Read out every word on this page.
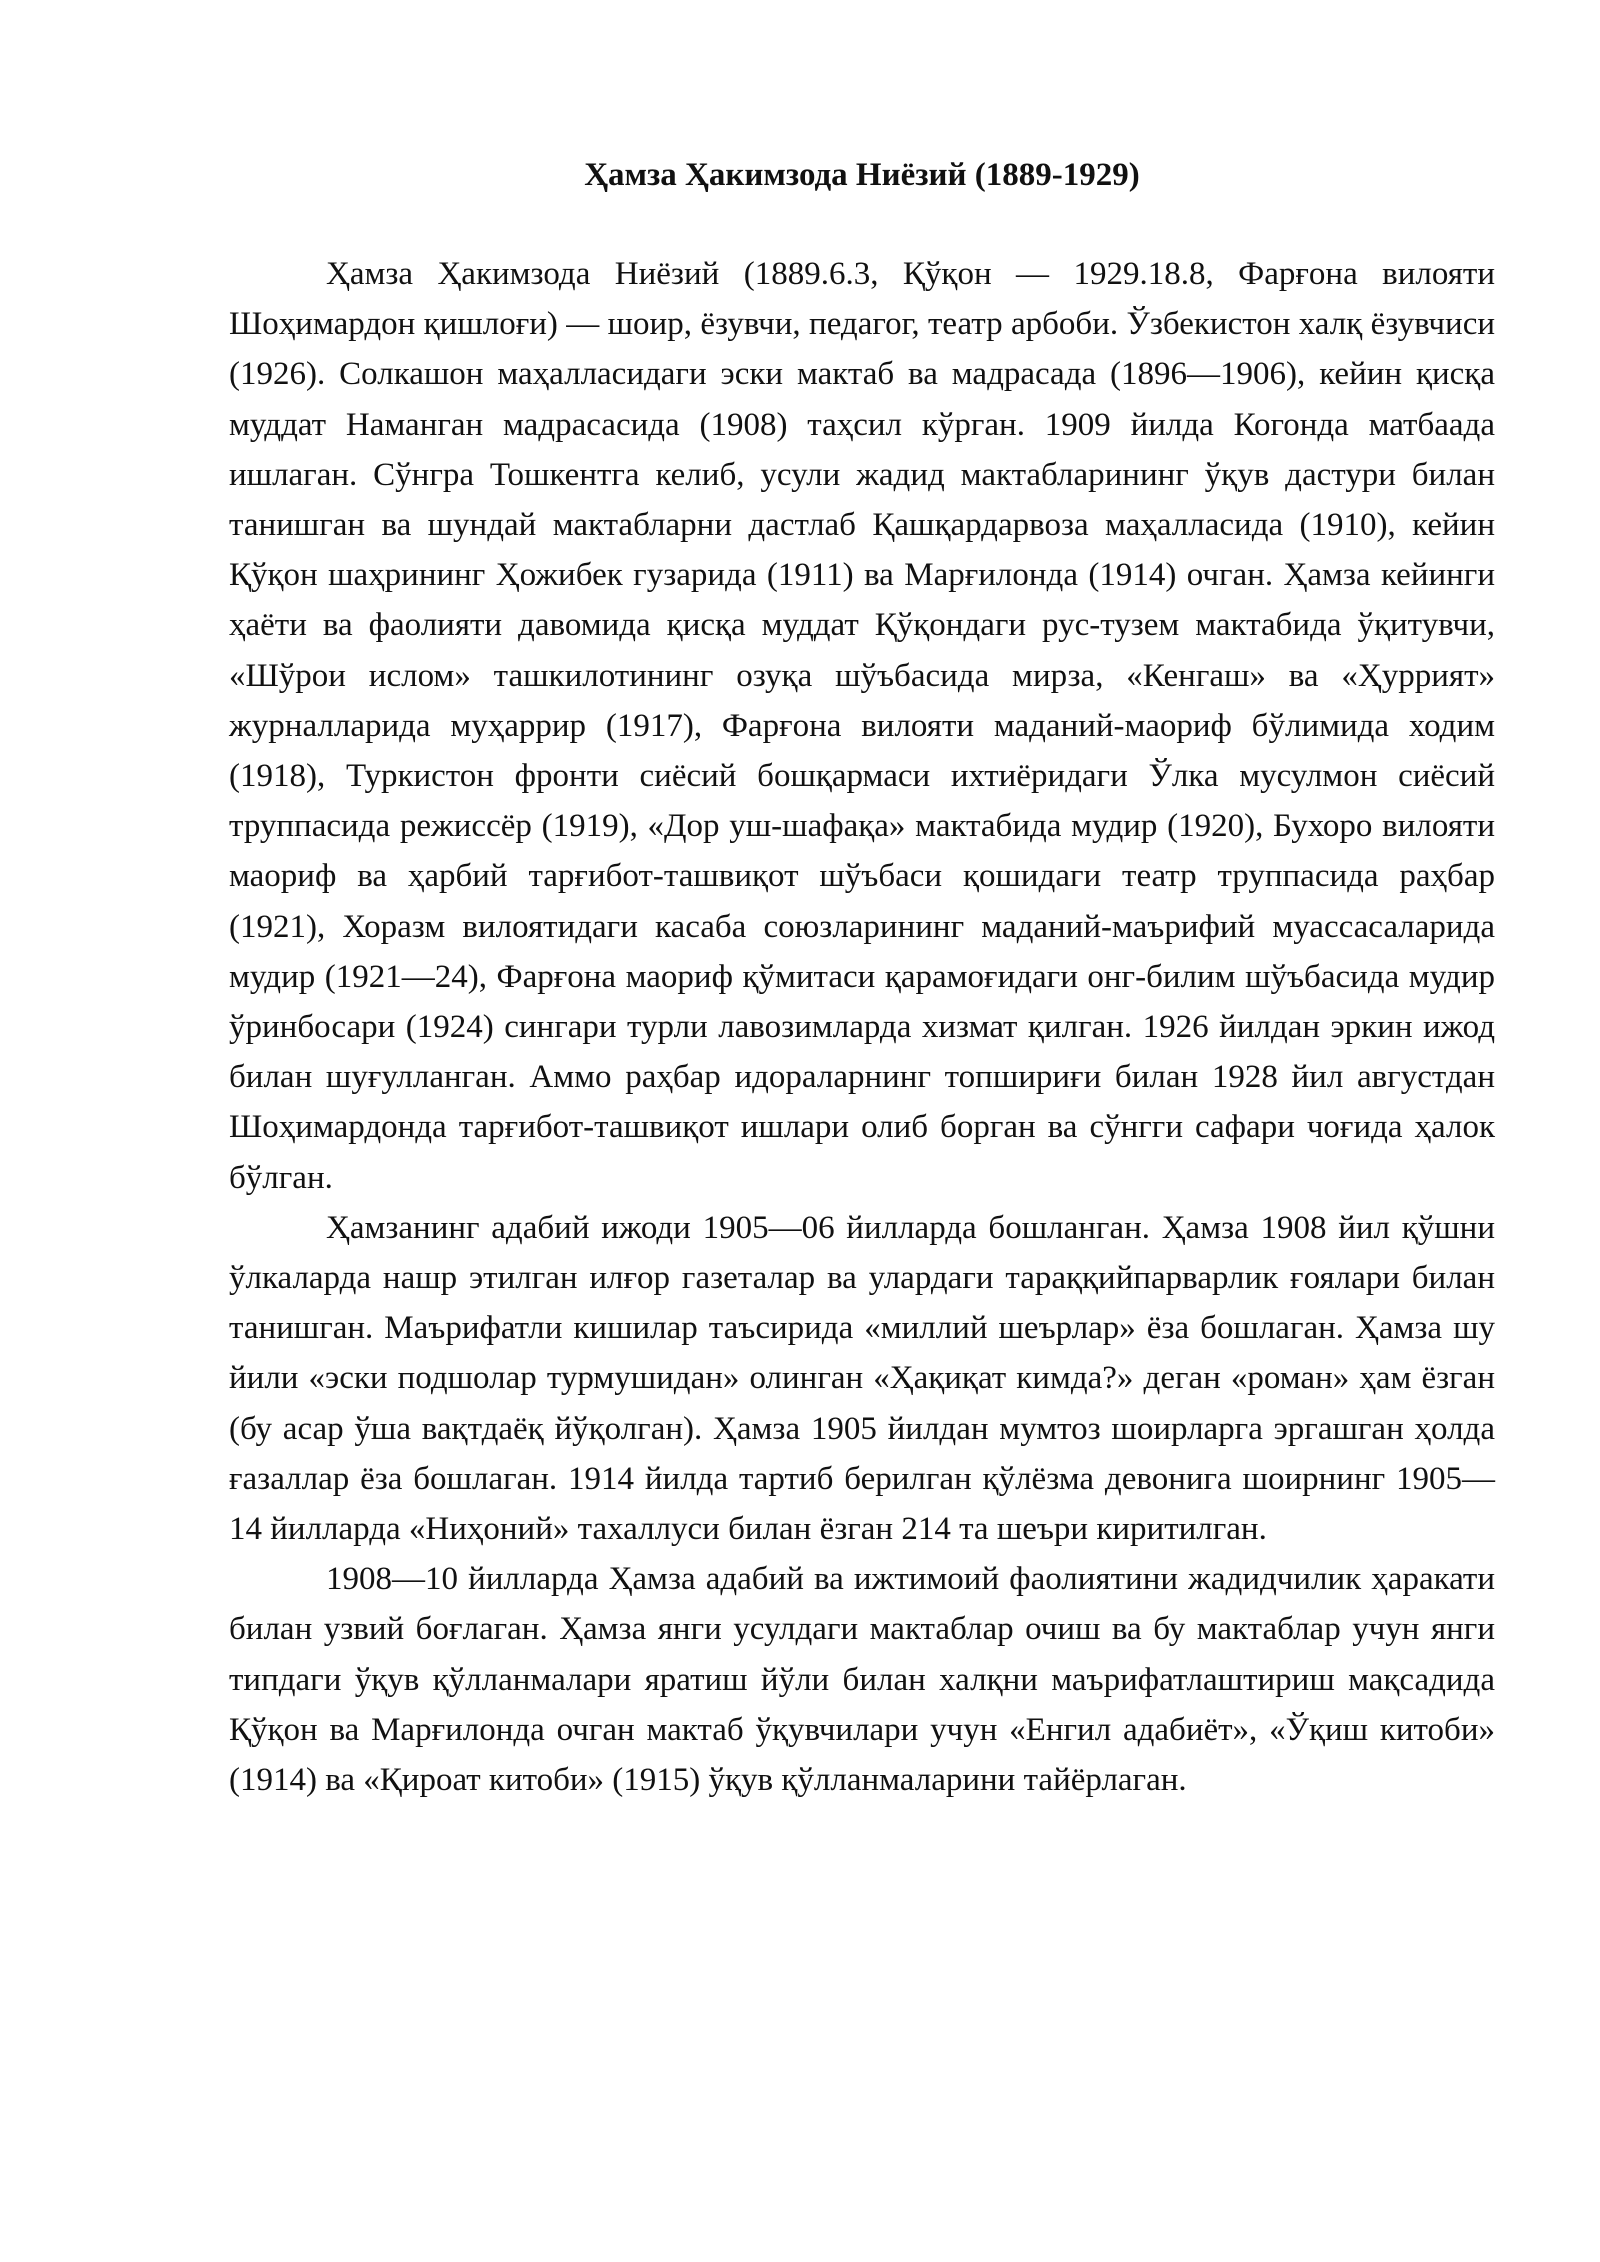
Ҳамза Ҳакимзода Ниёзий (1889-1929)

Ҳамза Ҳакимзода Ниёзий (1889.6.3, Қўқон — 1929.18.8, Фарғона вилояти Шоҳимардон қишлоғи) — шоир, ёзувчи, педагог, театр арбоби. Ўзбекистон халқ ёзувчиси (1926). Солкашон маҳалласидаги эски мактаб ва мадрасада (1896—1906), кейин қисқа муддат Наманган мадрасасида (1908) таҳсил кўрган. 1909 йилда Когонда матбаада ишлаган. Сўнгра Тошкентга келиб, усули жадид мактабларининг ўқув дастури билан танишган ва шундай мактабларни дастлаб Қашқардарвоза маҳалласида (1910), кейин Қўқон шаҳрининг Ҳожибек гузарида (1911) ва Марғилонда (1914) очган. Ҳамза кейинги ҳаёти ва фаолияти давомида қисқа муддат Қўқондаги рус-тузем мактабида ўқитувчи, «Шўрои ислом» ташкилотининг озуқа шўъбасида мирза, «Кенгаш» ва «Ҳуррият» журналларида муҳаррир (1917), Фарғона вилояти маданий-маориф бўлимида ходим (1918), Туркистон фронти сиёсий бошқармаси ихтиёридаги Ўлка мусулмон сиёсий труппасида режиссёр (1919), «Дор уш-шафақа» мактабида мудир (1920), Бухоро вилояти маориф ва ҳарбий тарғибот-ташвиқот шўъбаси қошидаги театр труппасида раҳбар (1921), Хоразм вилоятидаги касаба союзларининг маданий-маърифий муассасаларида мудир (1921—24), Фарғона маориф қўмитаси қарамоғидаги онг-билим шўъбасида мудир ўринбосари (1924) сингари турли лавозимларда хизмат қилган. 1926 йилдан эркин ижод билан шуғулланган. Аммо раҳбар идораларнинг топшириғи билан 1928 йил августдан Шоҳимардонда тарғибот-ташвиқот ишлари олиб борган ва сўнгги сафари чоғида ҳалок бўлган.

Ҳамзанинг адабий ижоди 1905—06 йилларда бошланган. Ҳамза 1908 йил қўшни ўлкаларда нашр этилган илғор газеталар ва улардаги тараққийпарварлик ғоялари билан танишган. Маърифатли кишилар таъсирида «миллий шеърлар» ёза бошлаган. Ҳамза шу йили «эски подшолар турмушидан» олинган «Ҳақиқат кимда?» деган «роман» ҳам ёзган (бу асар ўша вақтдаёқ йўқолган). Ҳамза 1905 йилдан мумтоз шоирларга эргашган ҳолда ғазаллар ёза бошлаган. 1914 йилда тартиб берилган қўлёзма девонига шоирнинг 1905—14 йилларда «Ниҳоний» тахаллуси билан ёзган 214 та шеъри киритилган.

1908—10 йилларда Ҳамза адабий ва ижтимоий фаолиятини жадидчилик ҳаракати билан узвий боғлаган. Ҳамза янги усулдаги мактаблар очиш ва бу мактаблар учун янги типдаги ўқув қўлланмалари яратиш йўли билан халқни маърифатлаштириш мақсадида Қўқон ва Марғилонда очган мактаб ўқувчилари учун «Енгил адабиёт», «Ўқиш китоби» (1914) ва «Қироат китоби» (1915) ўқув қўлланмаларини тайёрлаган.
